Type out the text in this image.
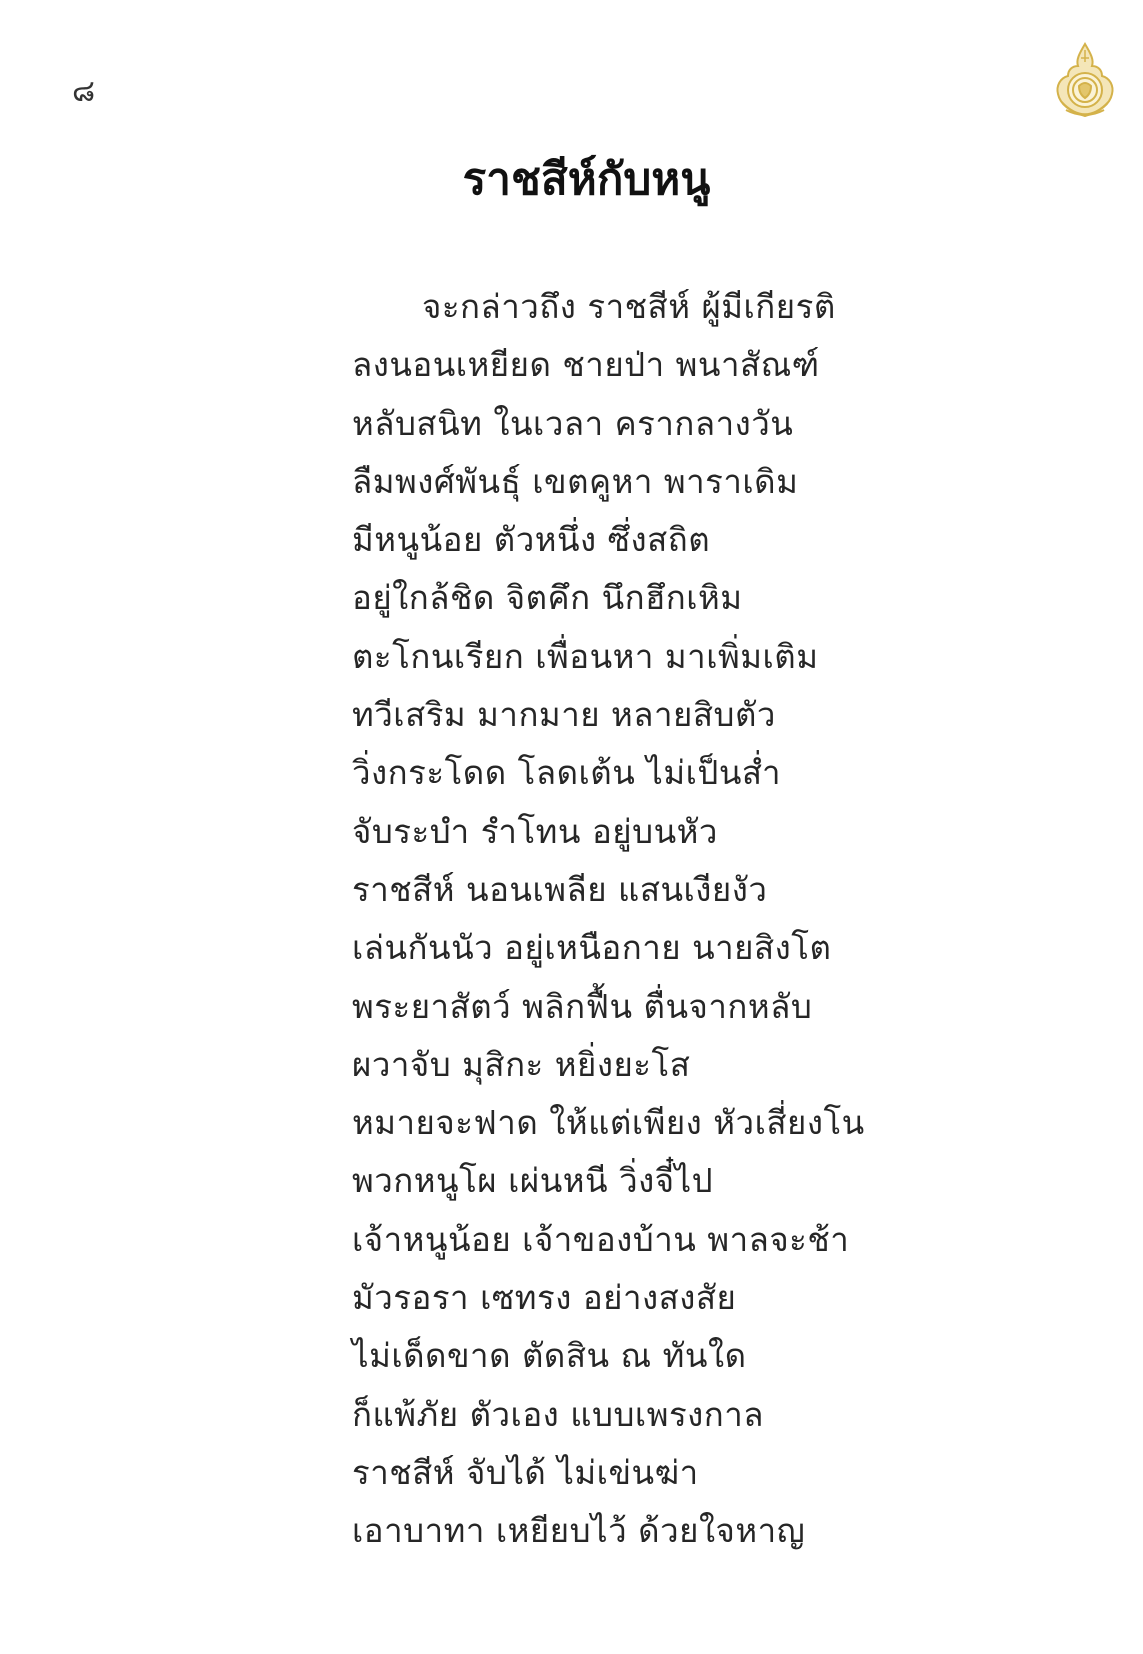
๘
ราชสีห์กับหนู
จะกล่าวถึง ราชสีห์ ผู้มีเกียรติ
ลงนอนเหยียด ชายป่า พนาสัณฑ์
หลับสนิท ในเวลา ครากลางวัน
ลืมพงศ์พันธุ์ เขตคูหา พาราเดิม
มีหนูน้อย ตัวหนึ่ง ซึ่งสถิต
อยู่ใกล้ชิด จิตคึก นึกฮึกเหิม
ตะโกนเรียก เพื่อนหา มาเพิ่มเติม
ทวีเสริม มากมาย หลายสิบตัว
วิ่งกระโดด โลดเต้น ไม่เป็นส่ำ
จับระบำ รำโทน อยู่บนหัว
ราชสีห์ นอนเพลีย แสนเงียงัว
เล่นกันนัว อยู่เหนือกาย นายสิงโต
พระยาสัตว์ พลิกฟื้น ตื่นจากหลับ
ผวาจับ มุสิกะ หยิ่งยะโส
หมายจะฟาด ให้แต่เพียง หัวเสี่ยงโน
พวกหนูโผ เผ่นหนี วิ่งจี๋ไป
เจ้าหนูน้อย เจ้าของบ้าน พาลจะช้า
มัวรอรา เซทรง อย่างสงสัย
ไม่เด็ดขาด ตัดสิน ณ ทันใด
ก็แพ้ภัย ตัวเอง แบบเพรงกาล
ราชสีห์ จับได้ ไม่เข่นฆ่า
เอาบาทา เหยียบไว้ ด้วยใจหาญ
